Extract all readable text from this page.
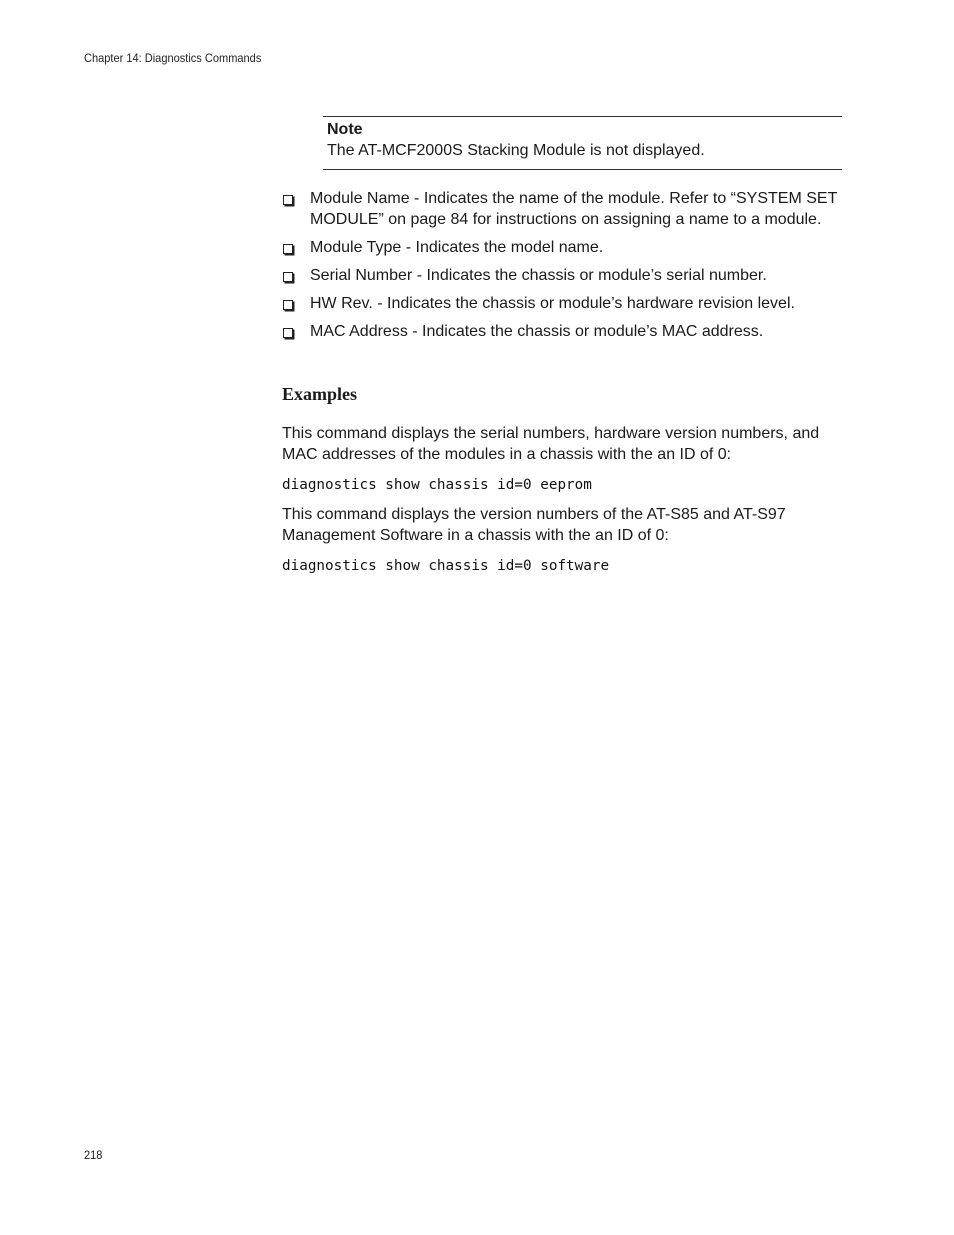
Chapter 14: Diagnostics Commands
Note
The AT-MCF2000S Stacking Module is not displayed.
Module Name - Indicates the name of the module. Refer to “SYSTEM SET MODULE” on page 84 for instructions on assigning a name to a module.
Module Type - Indicates the model name.
Serial Number - Indicates the chassis or module’s serial number.
HW Rev. - Indicates the chassis or module’s hardware revision level.
MAC Address - Indicates the chassis or module’s MAC address.
Examples
This command displays the serial numbers, hardware version numbers, and MAC addresses of the modules in a chassis with the an ID of 0:
diagnostics show chassis id=0 eeprom
This command displays the version numbers of the AT-S85 and AT-S97 Management Software in a chassis with the an ID of 0:
diagnostics show chassis id=0 software
218
